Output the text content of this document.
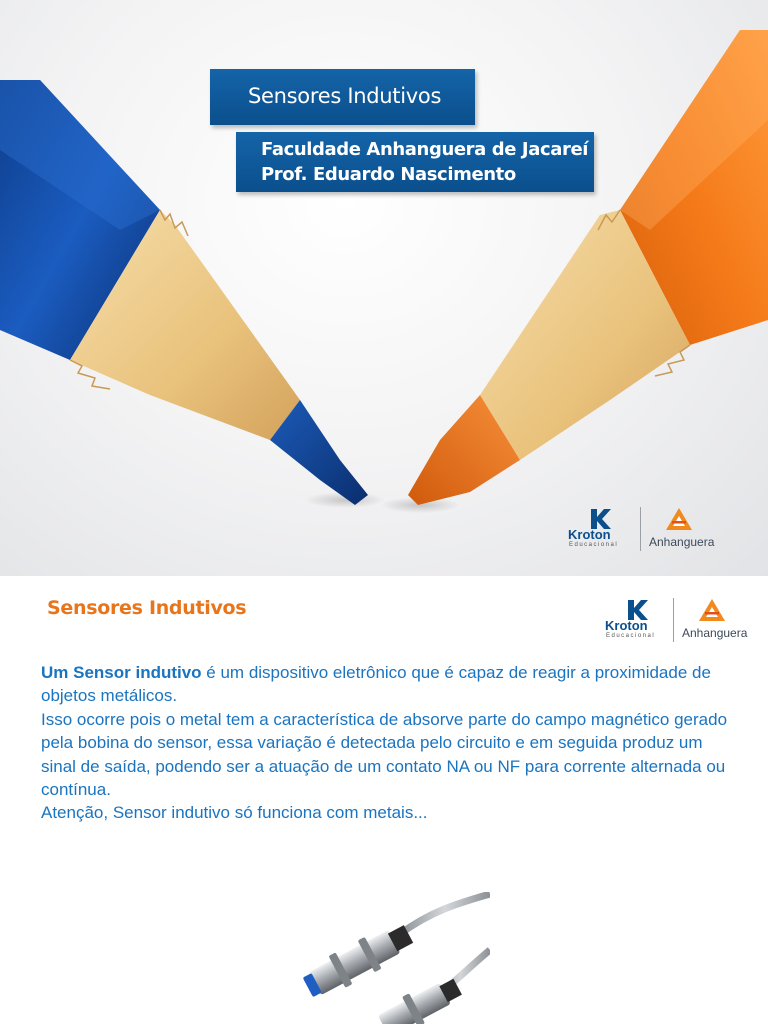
Sensores Indutivos
Faculdade Anhanguera de Jacareí
Prof. Eduardo Nascimento
Kroton
Educacional	Anhanguera
Sensores Indutivos
Kroton
Educacional Anhanguera

Um Sensor indutivo é um dispositivo eletrônico que é capaz de reagir a proximidade de objetos metálicos.

Isso ocorre pois o metal tem a característica de absorve parte do campo magnético gerado pela bobina do sensor, essa variação é detectada pelo circuito e em seguida produz um sinal de saída, podendo ser a atuação de um contato NA ou NF para corrente alternada ou contínua.

Atenção, Sensor indutivo só funciona com metais...
